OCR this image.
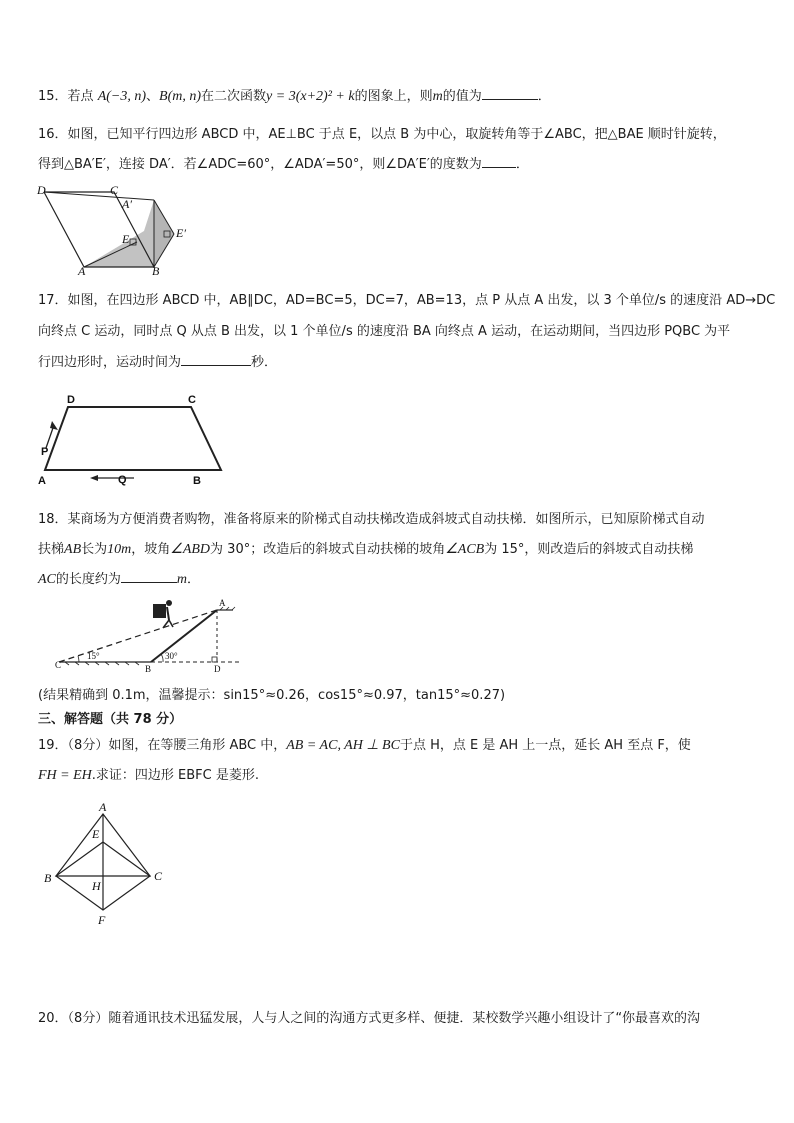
15．若点 A(−3, n)、B(m, n)在二次函数y = 3(x+2)² + k的图象上，则m的值为	．
16．如图，已知平行四边形 ABCD 中，AE⊥BC 于点 E，以点 B 为中心，取旋转角等于∠ABC，把△BAE 顺时针旋转，
得到△BA′E′，连接 DA′．若∠ADC=60°，∠ADA′=50°，则∠DA′E′的度数为	．
D	C
A′
E	E′
A	B
17．如图，在四边形 ABCD 中，AB∥DC，AD=BC=5，DC=7，AB=13，点 P 从点 A 出发，以 3 个单位/s 的速度沿 AD→DC
向终点 C 运动，同时点 Q 从点 B 出发，以 1 个单位/s 的速度沿 BA 向终点 A 运动，在运动期间，当四边形 PQBC 为平
行四边形时，运动时间为	秒．
D	C
P
A	Q	B
18．某商场为方便消费者购物，准备将原来的阶梯式自动扶梯改造成斜坡式自动扶梯．如图所示，已知原阶梯式自动
扶梯AB长为10m，坡角∠ABD为 30°；改造后的斜坡式自动扶梯的坡角∠ACB为 15°，则改造后的斜坡式自动扶梯
AC的长度约为	m．
15°	30°
A
B
C	D
(结果精确到 0.1m，温馨提示：sin15°≈0.26，cos15°≈0.97，tan15°≈0.27)
三、解答题（共 78 分）
19．（8分）如图，在等腰三角形 ABC 中，AB = AC, AH ⊥ BC于点 H，点 E 是 AH 上一点，延长 AH 至点 F，使
FH = EH.求证：四边形 EBFC 是菱形.
A
E
B
H
C
F
20．（8分）随着通讯技术迅猛发展，人与人之间的沟通方式更多样、便捷．某校数学兴趣小组设计了“你最喜欢的沟
